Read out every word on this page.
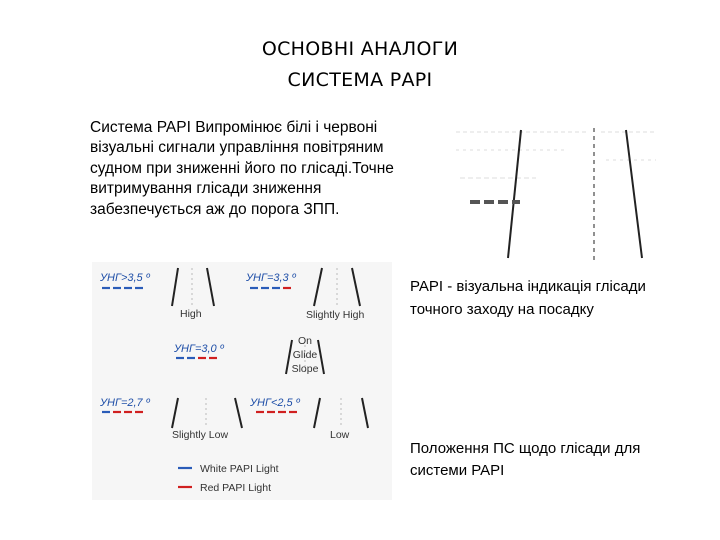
ОСНОВНІ АНАЛОГИ
СИСТЕМА РАРІ
Система PAPI Випромінює білі і червоні візуальні сигнали управління повітряним судном при зниженні його по глісаді.Точне витримування глісади зниження забезпечується аж до порога ЗПП.
УНГ>3,5 º
High
УНГ=3,3 º
Slightly High
УНГ=3,0 º
On
Glide
Slope
УНГ=2,7 º
Slightly Low
УНГ<2,5 º
Low
White PAPI Light
Red PAPI Light
PAPI - візуальна індикація глісади точного заходу на посадку
Положення ПС щодо глісади для системи PAPI
